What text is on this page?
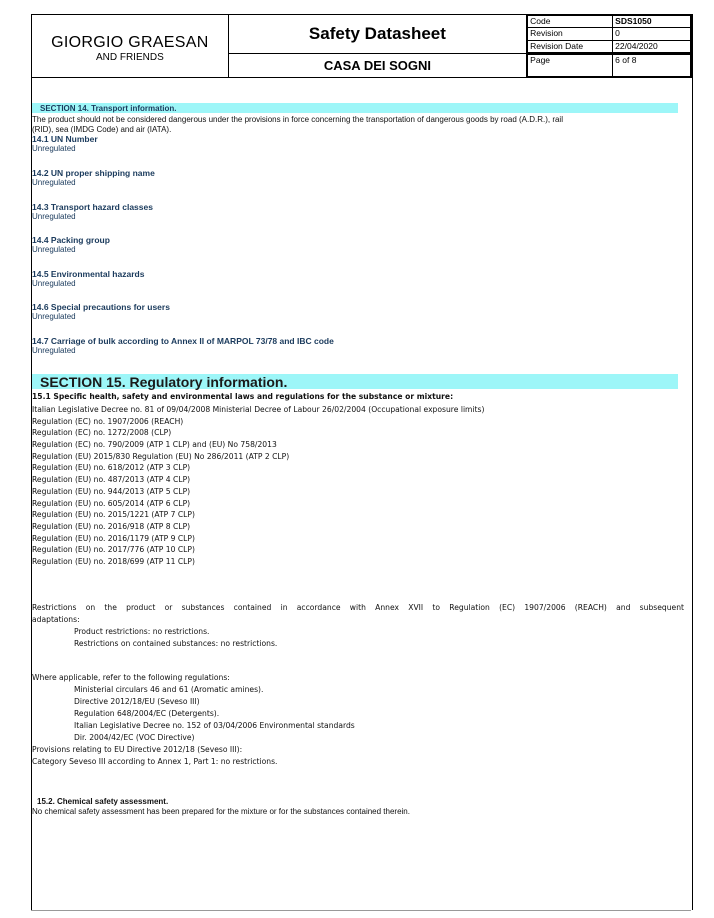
GIORGIO GRAESAN
AND FRIENDS
	Safety Datasheet	
Code	SDS1050
Revision	0
Revision Date	22/04/2020

CASA DEI SOGNI		Page	6 of 8
SECTION 14. Transport information.
The product should not be considered dangerous under the provisions in force concerning the transportation of dangerous goods by road (A.D.R.), rail
(RID), sea (IMDG Code) and air (IATA).
14.1 UN Number
Unregulated
14.2 UN proper shipping name
Unregulated
14.3 Transport hazard classes
Unregulated
14.4 Packing group
Unregulated
14.5 Environmental hazards
Unregulated
14.6 Special precautions for users
Unregulated
14.7 Carriage of bulk according to Annex II of MARPOL 73/78 and IBC code
Unregulated
SECTION 15. Regulatory information.
15.1 Specific health, safety and environmental laws and regulations for the substance or mixture:
Italian Legislative Decree no. 81 of 09/04/2008 Ministerial Decree of Labour 26/02/2004 (Occupational exposure limits)
Regulation (EC) no. 1907/2006 (REACH)
Regulation (EC) no. 1272/2008 (CLP)
Regulation (EC) no. 790/2009 (ATP 1 CLP) and (EU) No 758/2013
Regulation (EU) 2015/830 Regulation (EU) No 286/2011 (ATP 2 CLP)
Regulation (EU) no. 618/2012 (ATP 3 CLP)
Regulation (EU) no. 487/2013 (ATP 4 CLP)
Regulation (EU) no. 944/2013 (ATP 5 CLP)
Regulation (EU) no. 605/2014 (ATP 6 CLP)
Regulation (EU) no. 2015/1221 (ATP 7 CLP)
Regulation (EU) no. 2016/918 (ATP 8 CLP)
Regulation (EU) no. 2016/1179 (ATP 9 CLP)
Regulation (EU) no. 2017/776 (ATP 10 CLP)
Regulation (EU) no. 2018/699 (ATP 11 CLP)
Restrictions on the product or substances contained in accordance with Annex XVII to Regulation (EC) 1907/2006 (REACH) and subsequent
adaptations:
Product restrictions: no restrictions.
Restrictions on contained substances: no restrictions.
Where applicable, refer to the following regulations:
Ministerial circulars 46 and 61 (Aromatic amines).
Directive 2012/18/EU (Seveso III)
Regulation 648/2004/EC (Detergents).
Italian Legislative Decree no. 152 of 03/04/2006 Environmental standards
Dir. 2004/42/EC (VOC Directive)
Provisions relating to EU Directive 2012/18 (Seveso III):
Category Seveso III according to Annex 1, Part 1: no restrictions.
15.2. Chemical safety assessment.
No chemical safety assessment has been prepared for the mixture or for the substances contained therein.
